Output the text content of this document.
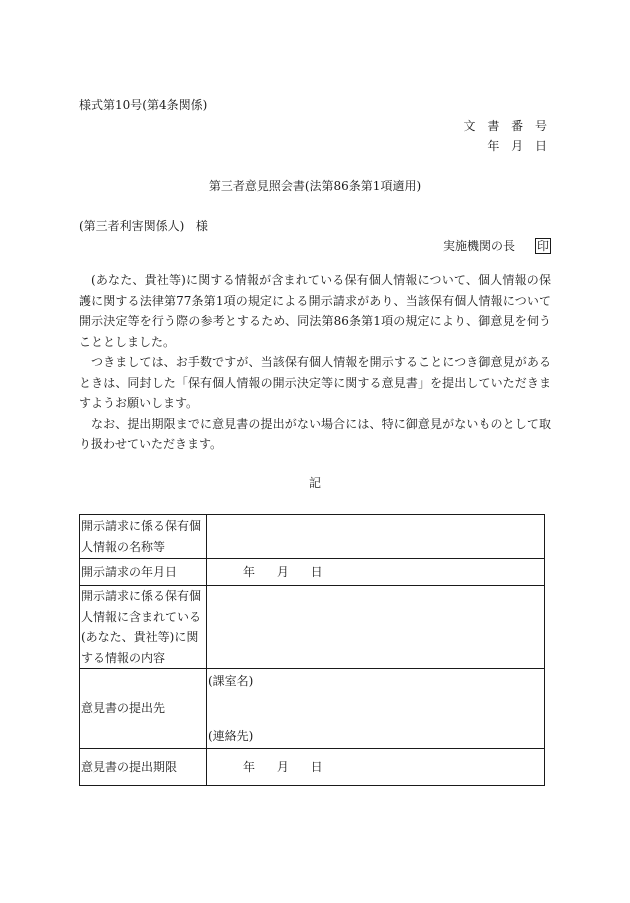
様式第10号(第4条関係)
文 書 番 号
年 月 日
第三者意見照会書(法第86条第1項適用)
(第三者利害関係人) 様
実施機関の長 印

(あなた、貴社等)に関する情報が含まれている保有個人情報について、個人情報の保護に関する法律第77条第1項の規定による開示請求があり、当該保有個人情報について開示決定等を行う際の参考とするため、同法第86条第1項の規定により、御意見を伺うこととしました。

つきましては、お手数ですが、当該保有個人情報を開示することにつき御意見があるときは、同封した「保有個人情報の開示決定等に関する意見書」を提出していただきますようお願いします。

なお、提出期限までに意見書の提出がない場合には、特に御意見がないものとして取り扱わせていただきます。

記
開示請求に係る保有個人情報の名称等	
開示請求の年月日	年 月 日
開示請求に係る保有個人情報に含まれている(あなた、貴社等)に関する情報の内容	
意見書の提出先	(課室名)
(連絡先)

意見書の提出期限	年 月 日
